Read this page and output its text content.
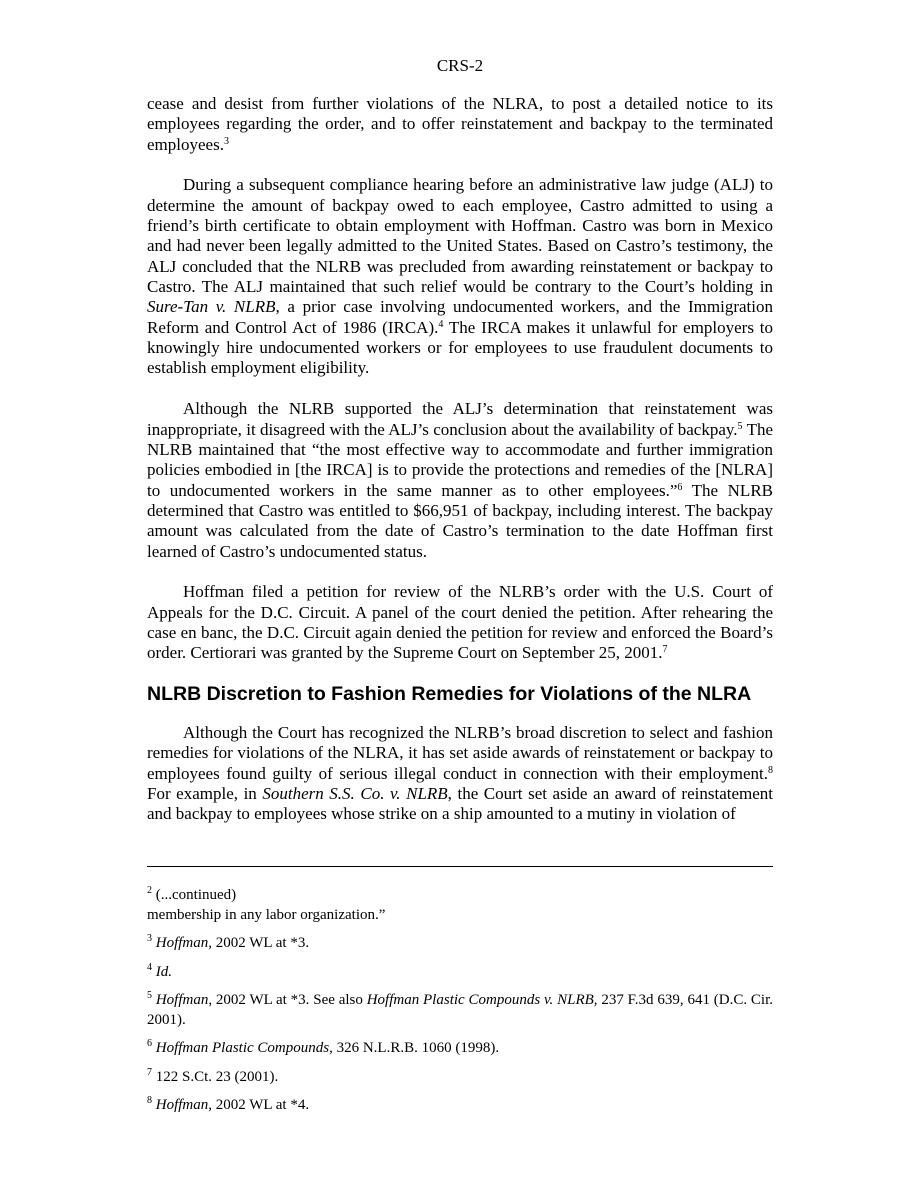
CRS-2

cease and desist from further violations of the NLRA, to post a detailed notice to its employees regarding the order, and to offer reinstatement and backpay to the terminated employees.$^3$

During a subsequent compliance hearing before an administrative law judge (ALJ) to determine the amount of backpay owed to each employee, Castro admitted to using a friend’s birth certificate to obtain employment with Hoffman. Castro was born in Mexico and had never been legally admitted to the United States. Based on Castro’s testimony, the ALJ concluded that the NLRB was precluded from awarding reinstatement or backpay to Castro. The ALJ maintained that such relief would be contrary to the Court’s holding in Sure-Tan v. NLRB, a prior case involving undocumented workers, and the Immigration Reform and Control Act of 1986 (IRCA).$^4$ The IRCA makes it unlawful for employers to knowingly hire undocumented workers or for employees to use fraudulent documents to establish employment eligibility.

Although the NLRB supported the ALJ’s determination that reinstatement was inappropriate, it disagreed with the ALJ’s conclusion about the availability of backpay.$^5$ The NLRB maintained that “the most effective way to accommodate and further immigration policies embodied in [the IRCA] is to provide the protections and remedies of the [NLRA] to undocumented workers in the same manner as to other employees.”$^6$ The NLRB determined that Castro was entitled to $66,951 of backpay, including interest. The backpay amount was calculated from the date of Castro’s termination to the date Hoffman first learned of Castro’s undocumented status.

Hoffman filed a petition for review of the NLRB’s order with the U.S. Court of Appeals for the D.C. Circuit. A panel of the court denied the petition. After rehearing the case en banc, the D.C. Circuit again denied the petition for review and enforced the Board’s order. Certiorari was granted by the Supreme Court on September 25, 2001.$^7$

NLRB Discretion to Fashion Remedies for Violations of the NLRA

Although the Court has recognized the NLRB’s broad discretion to select and fashion remedies for violations of the NLRA, it has set aside awards of reinstatement or backpay to employees found guilty of serious illegal conduct in connection with their employment.$^8$ For example, in Southern S.S. Co. v. NLRB, the Court set aside an award of reinstatement and backpay to employees whose strike on a ship amounted to a mutiny in violation of

$^2$ (...continued)
membership in any labor organization.”
$^3$ Hoffman, 2002 WL at *3.
$^4$ Id.
$^5$ Hoffman, 2002 WL at *3. See also Hoffman Plastic Compounds v. NLRB, 237 F.3d 639, 641 (D.C. Cir. 2001).
$^6$ Hoffman Plastic Compounds, 326 N.L.R.B. 1060 (1998).
$^7$ 122 S.Ct. 23 (2001).
$^8$ Hoffman, 2002 WL at *4.
